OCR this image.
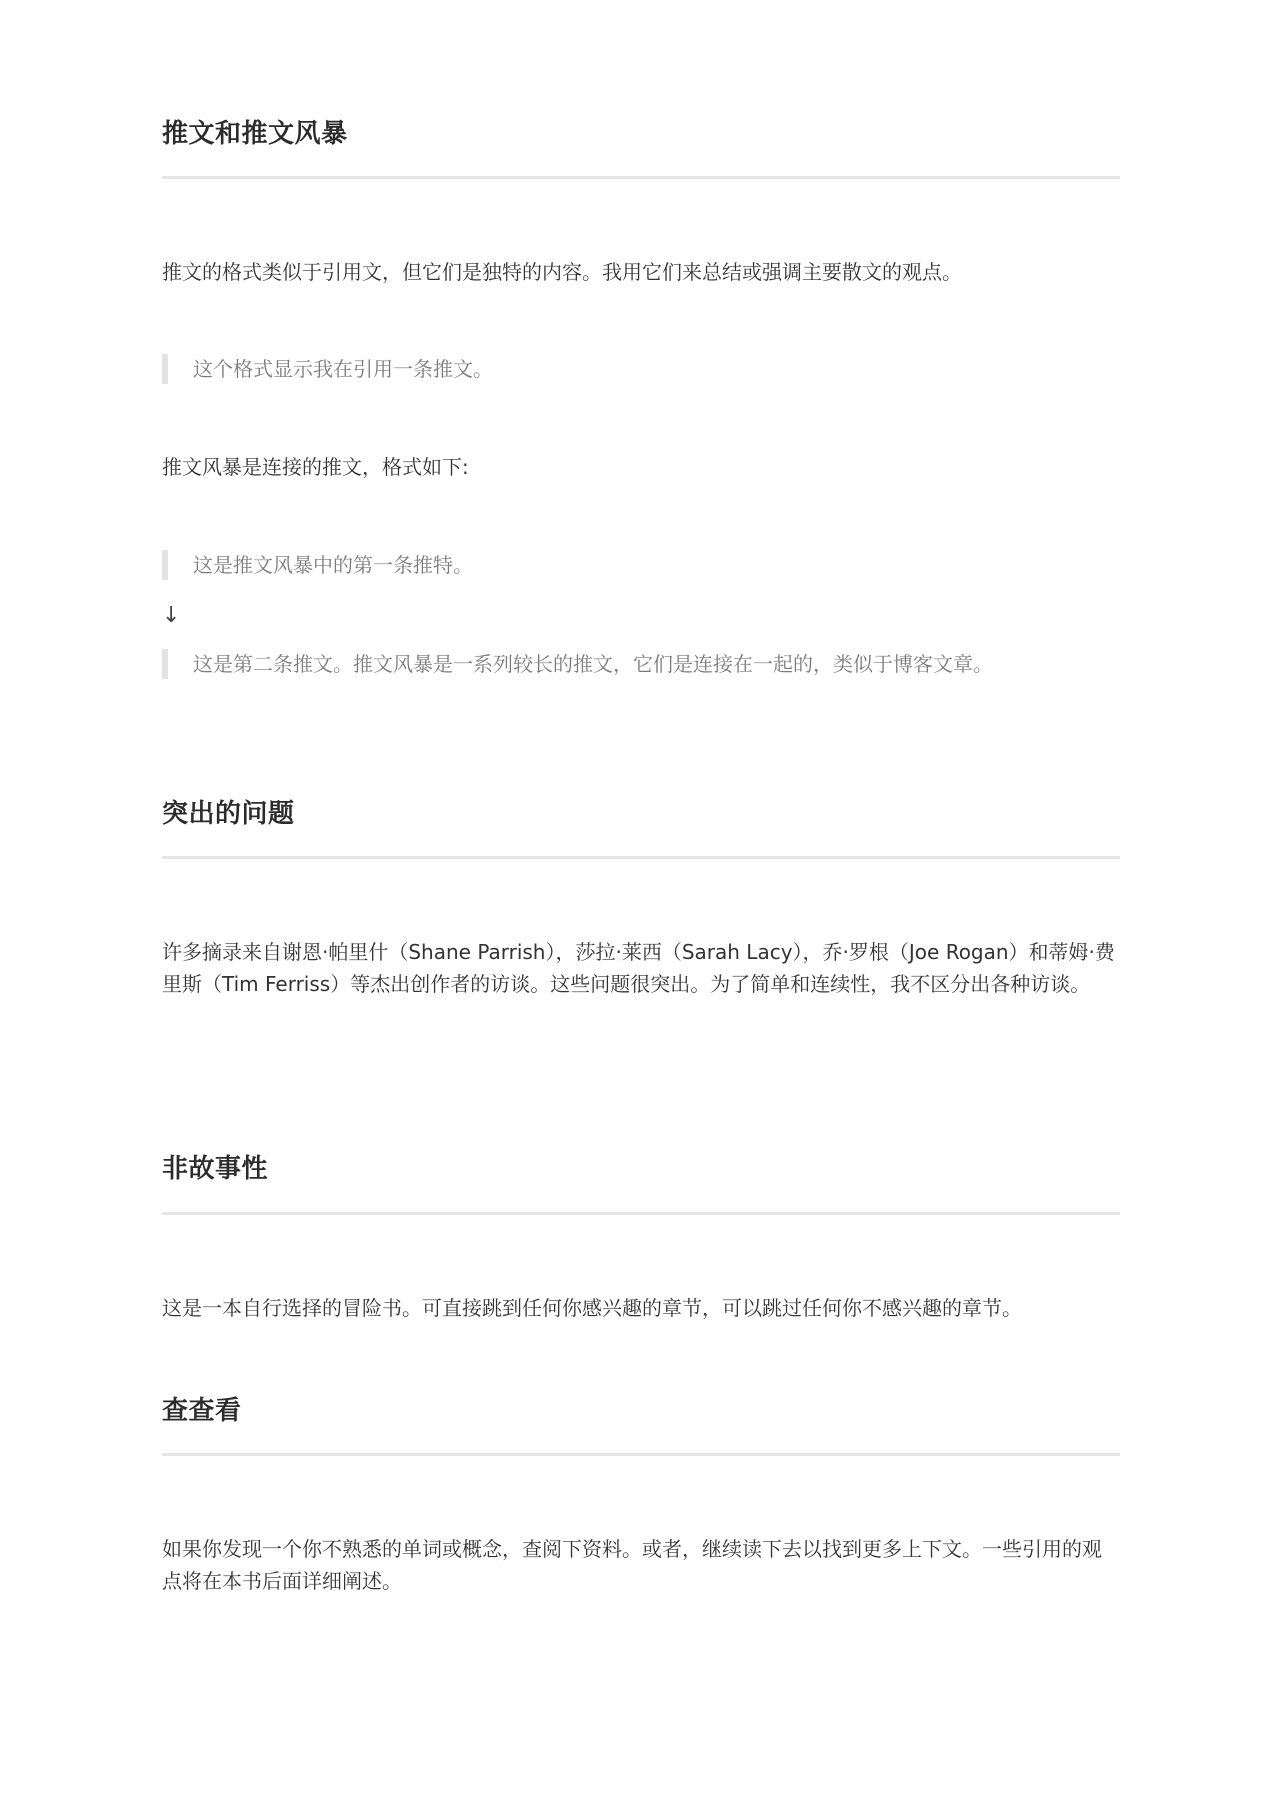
推文和推文风暴

推文的格式类似于引用文，但它们是独特的内容。我用它们来总结或强调主要散文的观点。

这个格式显示我在引用一条推文。

推文风暴是连接的推文，格式如下:

这是推文风暴中的第一条推特。
↓
这是第二条推文。推文风暴是一系列较长的推文，它们是连接在一起的，类似于博客文章。
突出的问题

许多摘录来自谢恩·帕里什（Shane Parrish），莎拉·莱西（Sarah Lacy），乔·罗根（Joe Rogan）和蒂姆·费里斯（Tim Ferriss）等杰出创作者的访谈。这些问题很突出。为了简单和连续性，我不区分出各种访谈。

非故事性

这是一本自行选择的冒险书。可直接跳到任何你感兴趣的章节，可以跳过任何你不感兴趣的章节。

查查看

如果你发现一个你不熟悉的单词或概念，查阅下资料。或者，继续读下去以找到更多上下文。一些引用的观点将在本书后面详细阐述。
